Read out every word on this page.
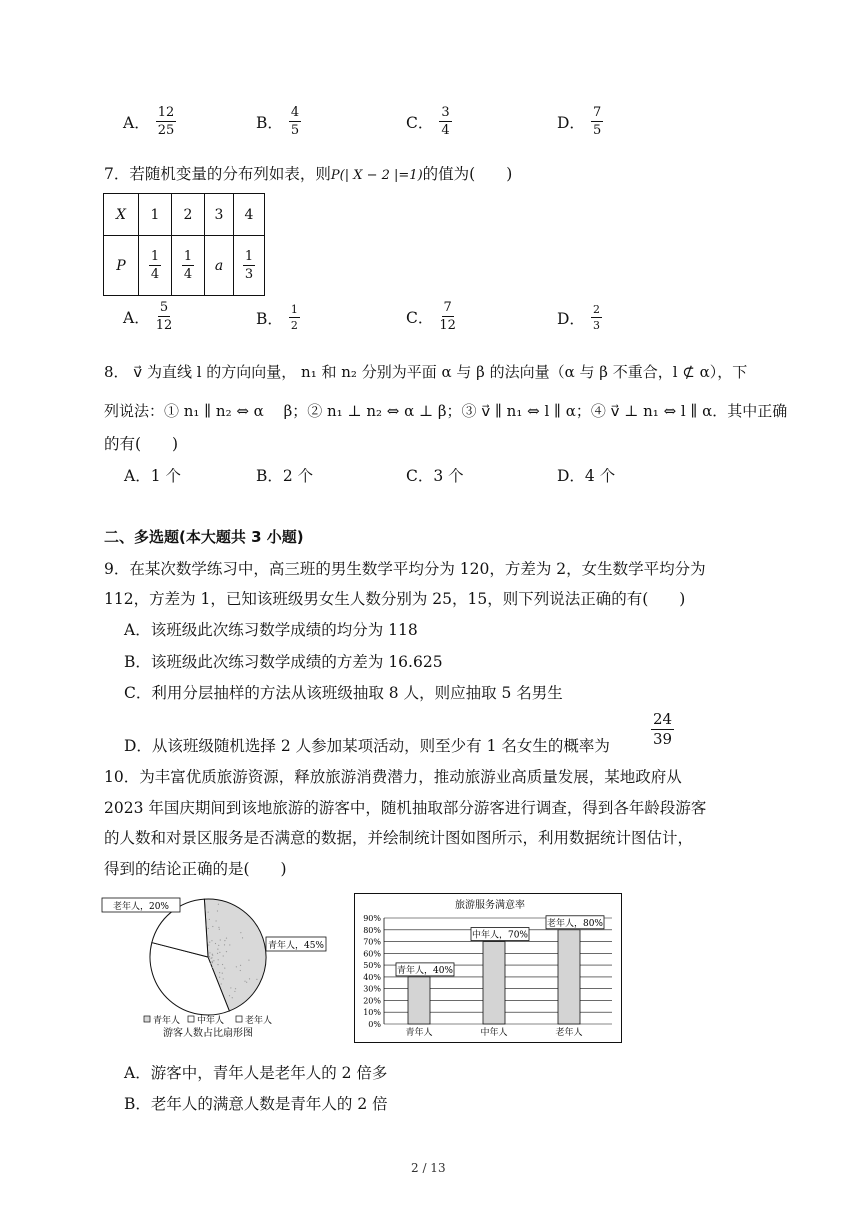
A． $\frac{12}{25}$	B． $\frac{4}{5}$	C． $\frac{3}{4}$	D． $\frac{7}{5}$
7．若随机变量的分布列如表，则P(| X − 2 |=1)的值为(　　)
X	1	2	3	4
P	$\frac{1}{4}$	$\frac{1}{4}$	a	$\frac{1}{3}$
A． $\frac{5}{12}$	B． $\frac{1}{2}$	C． $\frac{7}{12}$	D． $\frac{2}{3}$
8． v⃗ 为直线 l 的方向向量， n₁ 和 n₂ 分别为平面 α 与 β 的法向量（α 与 β 不重合，l ⊄ α），下
列说法：① n₁ ∥ n₂ ⇔ α　 β；② n₁ ⊥ n₂ ⇔ α ⊥ β；③ v⃗ ∥ n₁ ⇔ l ∥ α；④ v⃗ ⊥ n₁ ⇔ l ∥ α．其中正确
的有(　　)
A．1 个	B．2 个	C．3 个	D．4 个
二、多选题(本大题共 3 小题)
9．在某次数学练习中，高三班的男生数学平均分为 120，方差为 2，女生数学平均分为
112，方差为 1，已知该班级男女生人数分别为 25，15，则下列说法正确的有(　　)
A．该班级此次练习数学成绩的均分为 118
B．该班级此次练习数学成绩的方差为 16.625
C．利用分层抽样的方法从该班级抽取 8 人，则应抽取 5 名男生
D．从该班级随机选择 2 人参加某项活动，则至少有 1 名女生的概率为	$\frac{24}{39}$
10．为丰富优质旅游资源，释放旅游消费潜力，推动旅游业高质量发展，某地政府从
2023 年国庆期间到该地旅游的游客中，随机抽取部分游客进行调查，得到各年龄段游客
的人数和对景区服务是否满意的数据，并绘制统计图如图所示，利用数据统计图估计，
得到的结论正确的是(　　)
青年人，45%
老年人，20%
青年人 中年人 老年人
游客人数占比扇形图
旅游服务满意率
0%
10%
20%
30%
40%
50%
60%
70%
80%
90%
青年人
青年人，40%
中年人
中年人，70%
老年人
老年人，80%
A．游客中，青年人是老年人的 2 倍多
B．老年人的满意人数是青年人的 2 倍
2 / 13
